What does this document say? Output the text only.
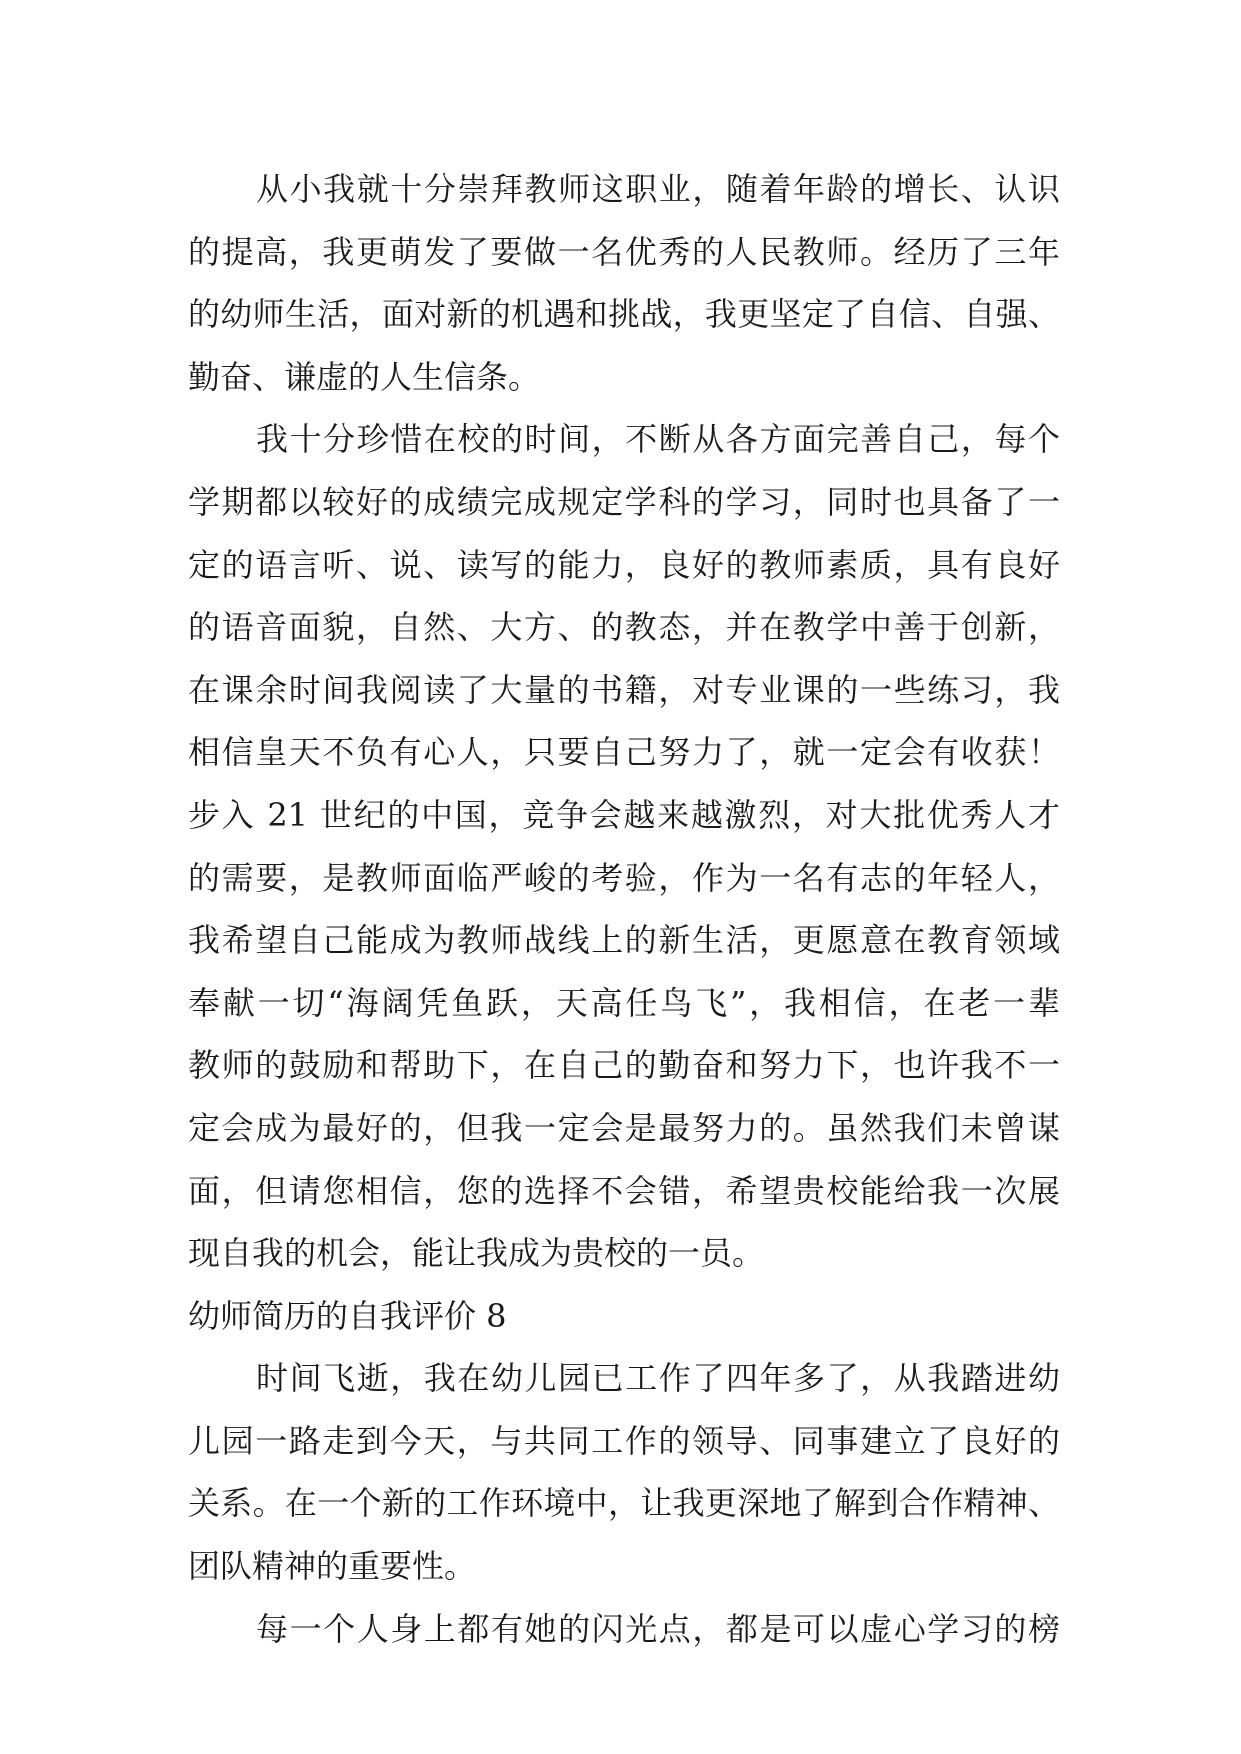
从小我就十分崇拜教师这职业，随着年龄的增长、认识
的提高，我更萌发了要做一名优秀的人民教师。经历了三年
的幼师生活，面对新的机遇和挑战，我更坚定了自信、自强、
勤奋、谦虚的人生信条。
我十分珍惜在校的时间，不断从各方面完善自己，每个
学期都以较好的成绩完成规定学科的学习，同时也具备了一
定的语言听、说、读写的能力，良好的教师素质，具有良好
的语音面貌，自然、大方、的教态，并在教学中善于创新，
在课余时间我阅读了大量的书籍，对专业课的一些练习，我
相信皇天不负有心人，只要自己努力了，就一定会有收获！
步入 21 世纪的中国，竞争会越来越激烈，对大批优秀人才
的需要，是教师面临严峻的考验，作为一名有志的年轻人，
我希望自己能成为教师战线上的新生活，更愿意在教育领域
奉献一切“海阔凭鱼跃，天高任鸟飞”，我相信，在老一辈
教师的鼓励和帮助下，在自己的勤奋和努力下，也许我不一
定会成为最好的，但我一定会是最努力的。虽然我们未曾谋
面，但请您相信，您的选择不会错，希望贵校能给我一次展
现自我的机会，能让我成为贵校的一员。
幼师简历的自我评价 8
时间飞逝，我在幼儿园已工作了四年多了，从我踏进幼
儿园一路走到今天，与共同工作的领导、同事建立了良好的
关系。在一个新的工作环境中，让我更深地了解到合作精神、
团队精神的重要性。
每一个人身上都有她的闪光点，都是可以虚心学习的榜
